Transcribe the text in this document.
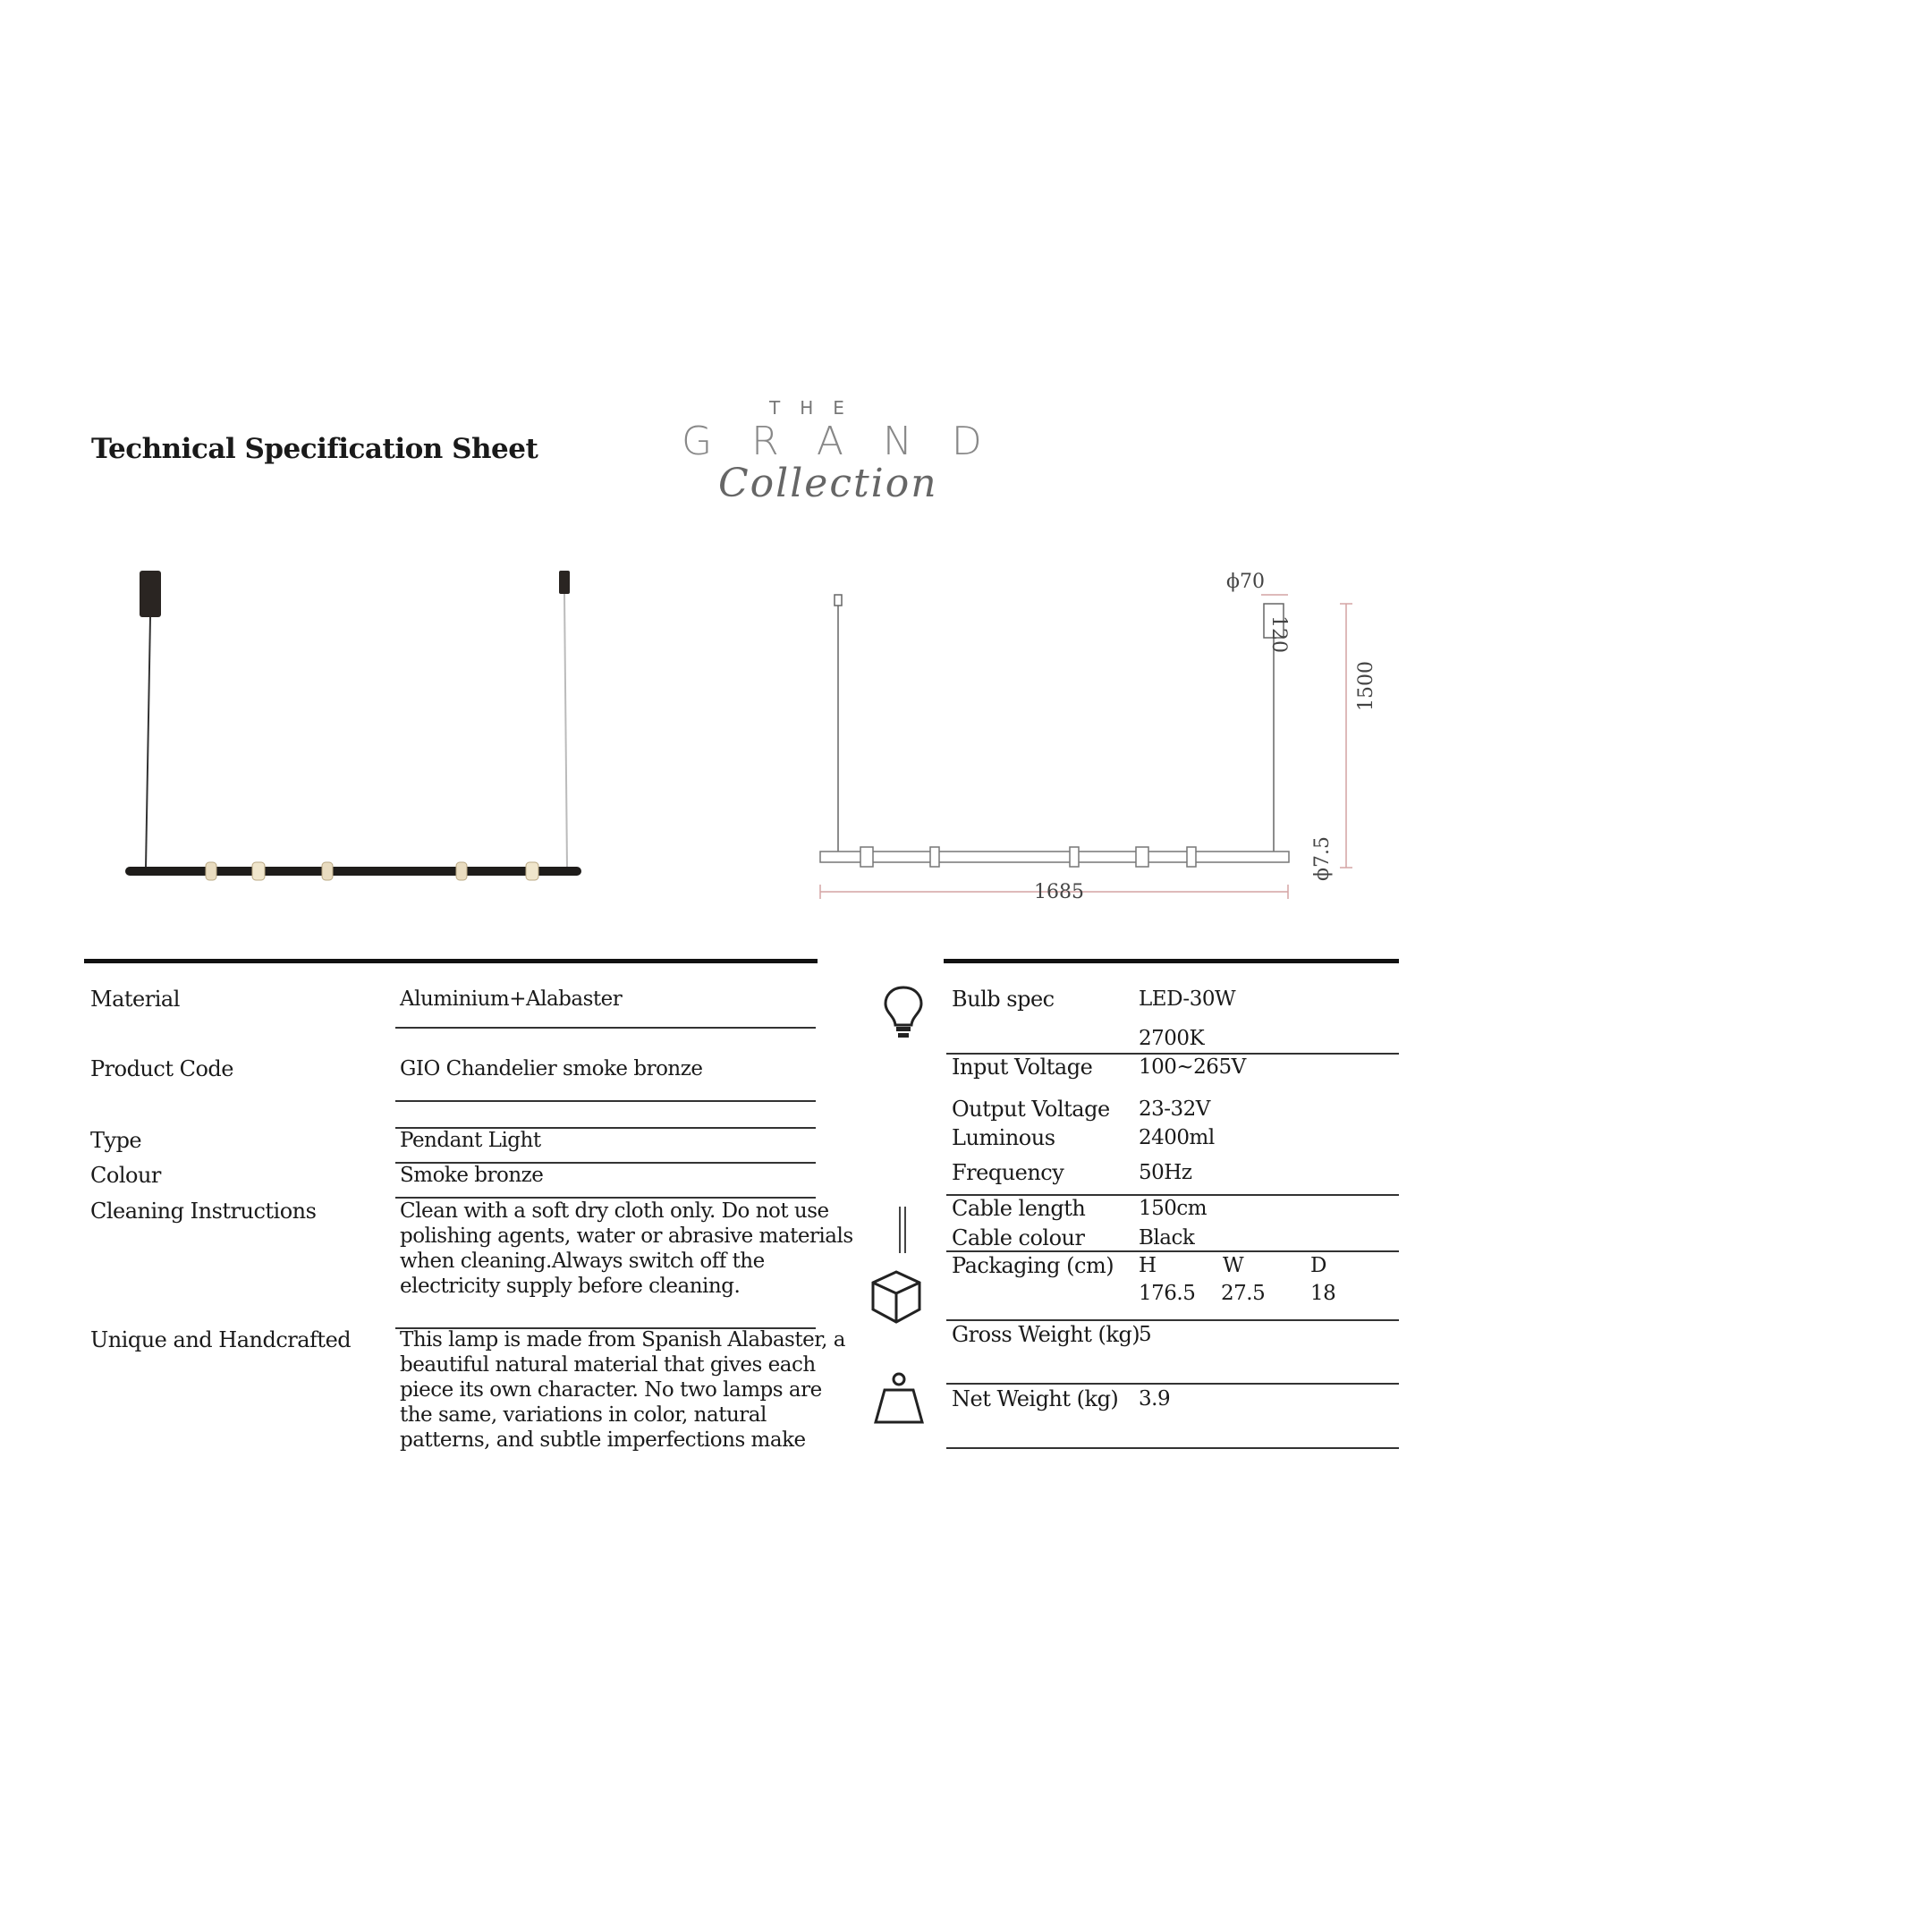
Technical Specification Sheet
THE
GRAND
Collection
ϕ70
120
1500
ϕ7.5
1685
Material	Aluminium+Alabaster
Product Code	GIO Chandelier smoke bronze
Type	Pendant Light
Colour	Smoke bronze
Cleaning Instructions	Clean with a soft dry cloth only. Do not use
polishing agents, water or abrasive materials
when cleaning.Always switch off the
electricity supply before cleaning.
Unique and Handcrafted This lamp is made from Spanish Alabaster, a
beautiful natural material that gives each
piece its own character. No two lamps are
the same, variations in color, natural
patterns, and subtle imperfections make
Bulb spec	LED-30W
2700K
Input Voltage 100~265V
Output Voltage 23-32V
Luminous	2400ml
Frequency	50Hz
Cable length	150cm
Cable colour	Black
Packaging (cm) H	W	D
176.5 27.5 18
Gross Weight (kg)
5
Net Weight (kg) 3.9
